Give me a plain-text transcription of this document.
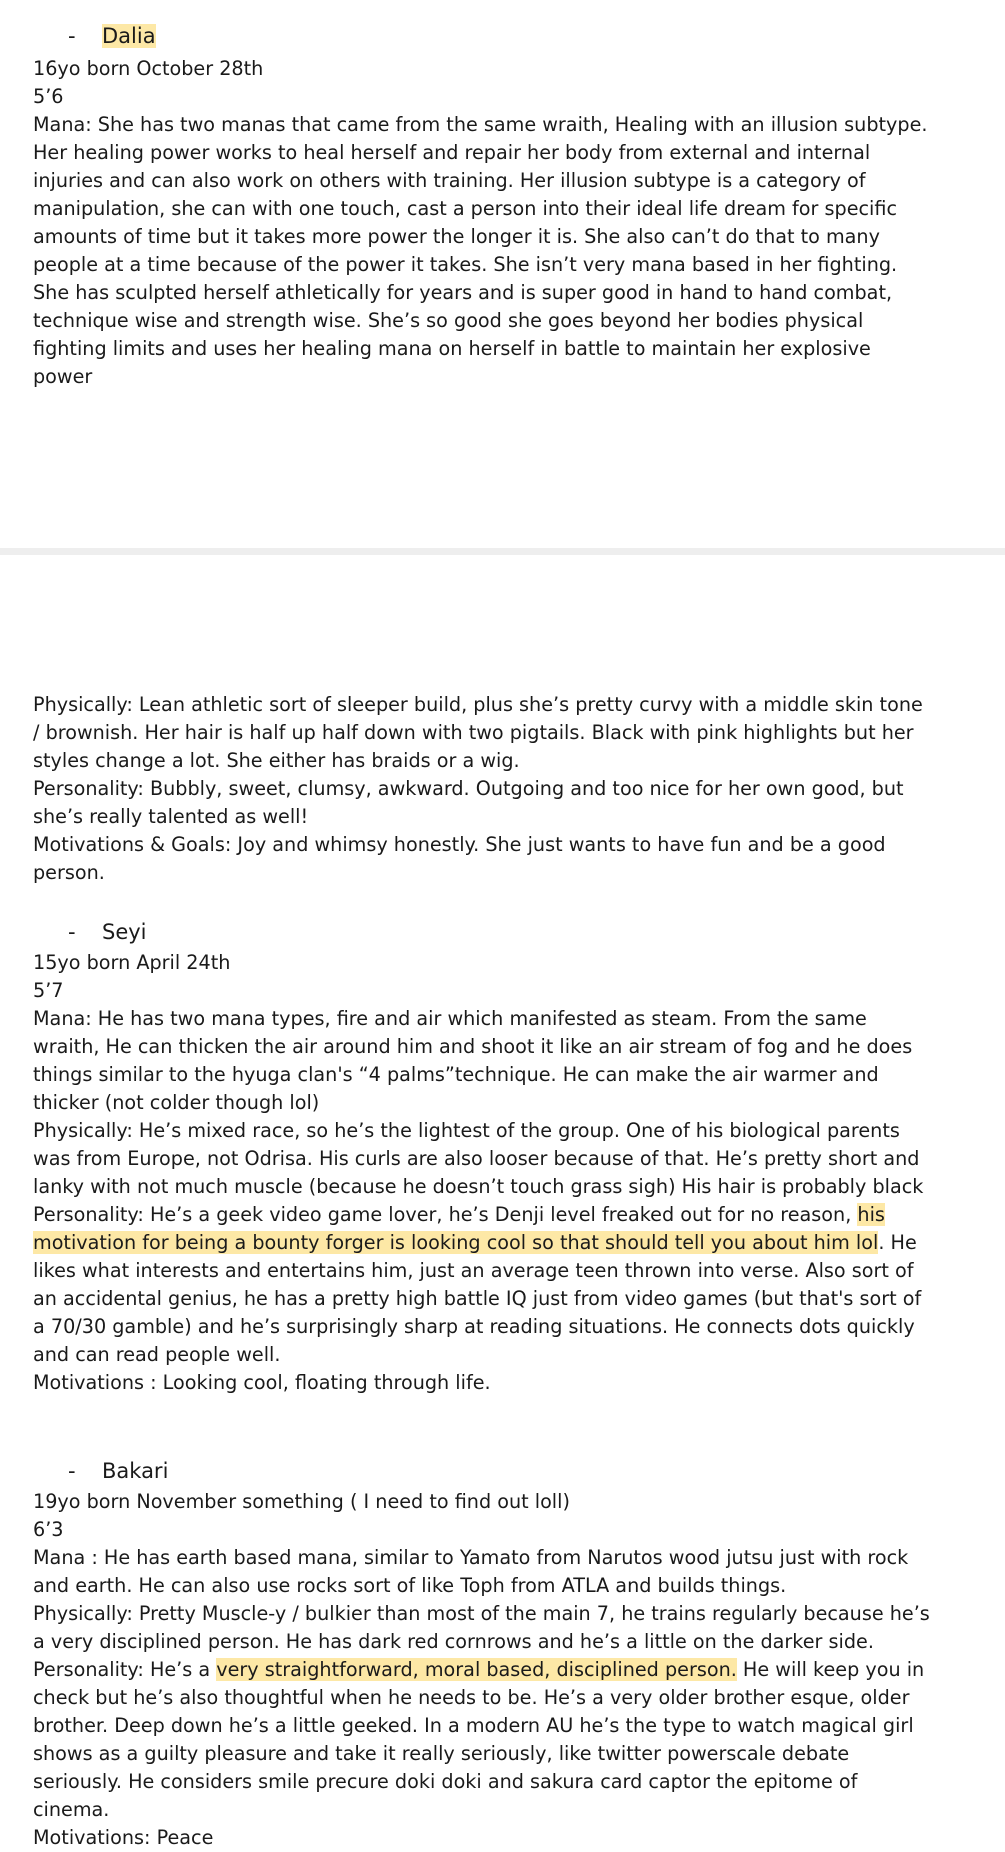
- Dalia

16yo born October 28th

5’6

Mana: She has two manas that came from the same wraith, Healing with an illusion subtype. Her healing power works to heal herself and repair her body from external and internal injuries and can also work on others with training. Her illusion subtype is a category of manipulation, she can with one touch, cast a person into their ideal life dream for specific amounts of time but it takes more power the longer it is. She also can’t do that to many people at a time because of the power it takes. She isn’t very mana based in her fighting. She has sculpted herself athletically for years and is super good in hand to hand combat, technique wise and strength wise. She’s so good she goes beyond her bodies physical fighting limits and uses her healing mana on herself in battle to maintain her explosive power

Physically: Lean athletic sort of sleeper build, plus she’s pretty curvy with a middle skin tone / brownish. Her hair is half up half down with two pigtails. Black with pink highlights but her styles change a lot. She either has braids or a wig.

Personality: Bubbly, sweet, clumsy, awkward. Outgoing and too nice for her own good, but she’s really talented as well!

Motivations & Goals: Joy and whimsy honestly. She just wants to have fun and be a good person.

- Seyi

15yo born April 24th

5’7

Mana: He has two mana types, fire and air which manifested as steam. From the same wraith, He can thicken the air around him and shoot it like an air stream of fog and he does things similar to the hyuga clan's “4 palms”technique. He can make the air warmer and thicker (not colder though lol)

Physically: He’s mixed race, so he’s the lightest of the group. One of his biological parents was from Europe, not Odrisa. His curls are also looser because of that. He’s pretty short and lanky with not much muscle (because he doesn’t touch grass sigh) His hair is probably black

Personality: He’s a geek video game lover, he’s Denji level freaked out for no reason, his motivation for being a bounty forger is looking cool so that should tell you about him lol. He likes what interests and entertains him, just an average teen thrown into verse. Also sort of an accidental genius, he has a pretty high battle IQ just from video games (but that's sort of a 70/30 gamble) and he’s surprisingly sharp at reading situations. He connects dots quickly and can read people well.

Motivations : Looking cool, floating through life.

- Bakari

19yo born November something ( I need to find out loll)

6’3

Mana : He has earth based mana, similar to Yamato from Narutos wood jutsu just with rock and earth. He can also use rocks sort of like Toph from ATLA and builds things.

Physically: Pretty Muscle-y / bulkier than most of the main 7, he trains regularly because he’s a very disciplined person. He has dark red cornrows and he’s a little on the darker side.

Personality: He’s a very straightforward, moral based, disciplined person. He will keep you in check but he’s also thoughtful when he needs to be. He’s a very older brother esque, older brother. Deep down he’s a little geeked. In a modern AU he’s the type to watch magical girl shows as a guilty pleasure and take it really seriously, like twitter powerscale debate seriously. He considers smile precure doki doki and sakura card captor the epitome of cinema.

Motivations: Peace
